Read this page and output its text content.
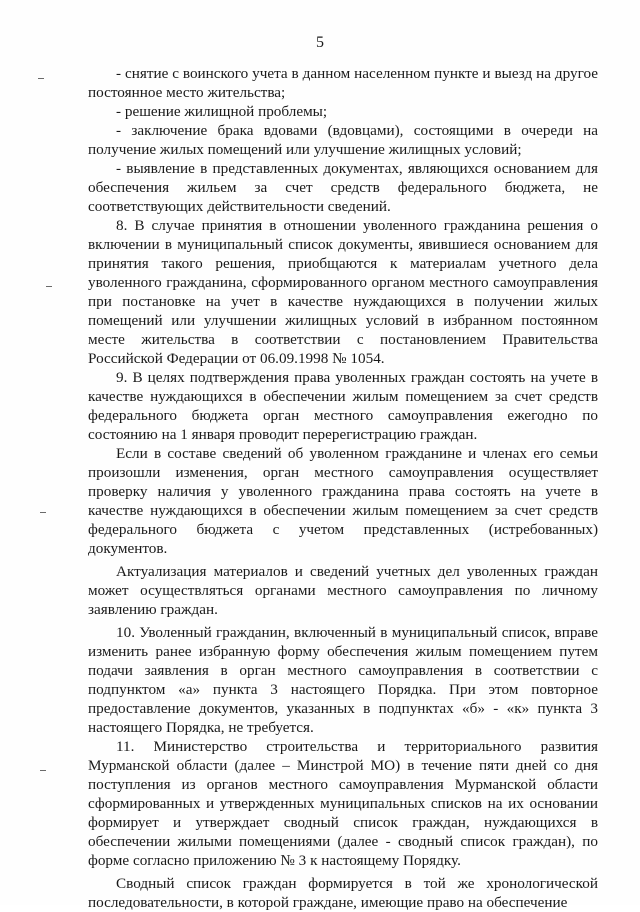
5

- снятие с воинского учета в данном населенном пункте и выезд на другое постоянное место жительства;

- решение жилищной проблемы;

- заключение брака вдовами (вдовцами), состоящими в очереди на получение жилых помещений или улучшение жилищных условий;

- выявление в представленных документах, являющихся основанием для обеспечения жильем за счет средств федерального бюджета, не соответствующих действительности сведений.

8. В случае принятия в отношении уволенного гражданина решения о включении в муниципальный список документы, явившиеся основанием для принятия такого решения, приобщаются к материалам учетного дела уволенного гражданина, сформированного органом местного самоуправления при постановке на учет в качестве нуждающихся в получении жилых помещений или улучшении жилищных условий в избранном постоянном месте жительства в соответствии с постановлением Правительства Российской Федерации от 06.09.1998 № 1054.

9. В целях подтверждения права уволенных граждан состоять на учете в качестве нуждающихся в обеспечении жилым помещением за счет средств федерального бюджета орган местного самоуправления ежегодно по состоянию на 1 января проводит перерегистрацию граждан.

Если в составе сведений об уволенном гражданине и членах его семьи произошли изменения, орган местного самоуправления осуществляет проверку наличия у уволенного гражданина права состоять на учете в качестве нуждающихся в обеспечении жилым помещением за счет средств федерального бюджета с учетом представленных (истребованных) документов.

Актуализация материалов и сведений учетных дел уволенных граждан может осуществляться органами местного самоуправления по личному заявлению граждан.

10. Уволенный гражданин, включенный в муниципальный список, вправе изменить ранее избранную форму обеспечения жилым помещением путем подачи заявления в орган местного самоуправления в соответствии с подпунктом «а» пункта 3 настоящего Порядка. При этом повторное предоставление документов, указанных в подпунктах «б» - «к» пункта 3 настоящего Порядка, не требуется.

11. Министерство строительства и территориального развития Мурманской области (далее – Минстрой МО) в течение пяти дней со дня поступления из органов местного самоуправления Мурманской области сформированных и утвержденных муниципальных списков на их основании формирует и утверждает сводный список граждан, нуждающихся в обеспечении жилыми помещениями (далее - сводный список граждан), по форме согласно приложению № 3 к настоящему Порядку.

Сводный список граждан формируется в той же хронологической последовательности, в которой граждане, имеющие право на обеспечение
